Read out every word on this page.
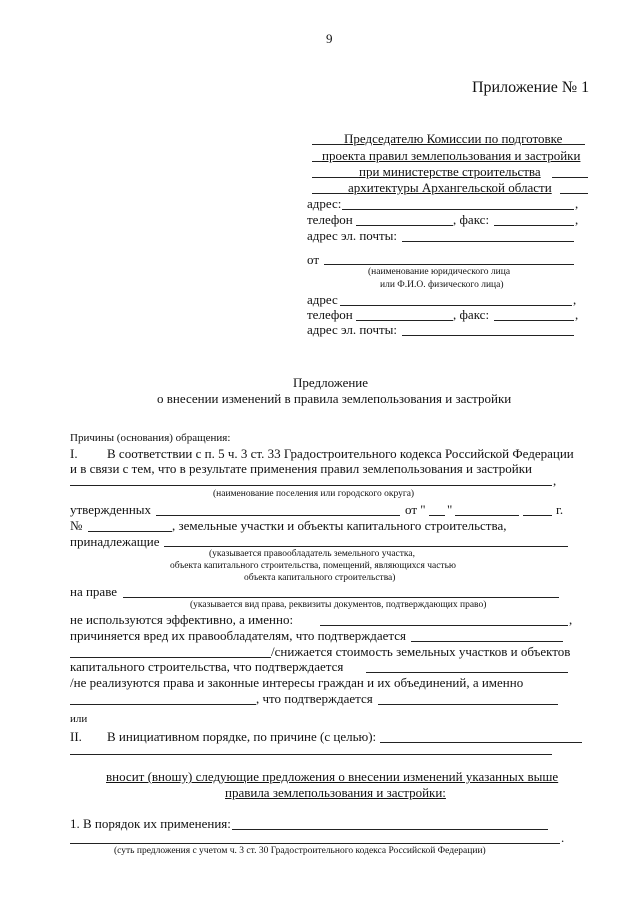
9
Приложение № 1
Председателю Комиссии по подготовке
проекта правил землепользования и застройки
при министерстве строительства
архитектуры Архангельской области
адрес:	,
телефон	, факс:	,
адрес эл. почты:
от
(наименование юридического лица
или Ф.И.О. физического лица)
адрес	,
телефон	, факс:	,
адрес эл. почты:
Предложение
о внесении изменений в правила землепользования и застройки
Причины (основания) обращения:
I. В соответствии с п. 5 ч. 3 ст. 33 Градостроительного кодекса Российской Федерации
и в связи с тем, что в результате применения правил землепользования и застройки
,
(наименование поселения или городского округа)
утвержденных	от " "	г.
№	, земельные участки и объекты капитального строительства,
принадлежащие
(указывается правообладатель земельного участка,
объекта капитального строительства, помещений, являющихся частью
объекта капитального строительства)
на праве
(указывается вид права, реквизиты документов, подтверждающих право)
не используются эффективно, а именно:	,
причиняется вред их правообладателям, что подтверждается
/снижается стоимость земельных участков и объектов
капитального строительства, что подтверждается
/не реализуются права и законные интересы граждан и их объединений, а именно
, что подтверждается
или
II. В инициативном порядке, по причине (с целью):
вносит (вношу) следующие предложения о внесении изменений указанных выше
правила землепользования и застройки:
1. В порядок их применения:
.
(суть предложения с учетом ч. 3 ст. 30 Градостроительного кодекса Российской Федерации)
